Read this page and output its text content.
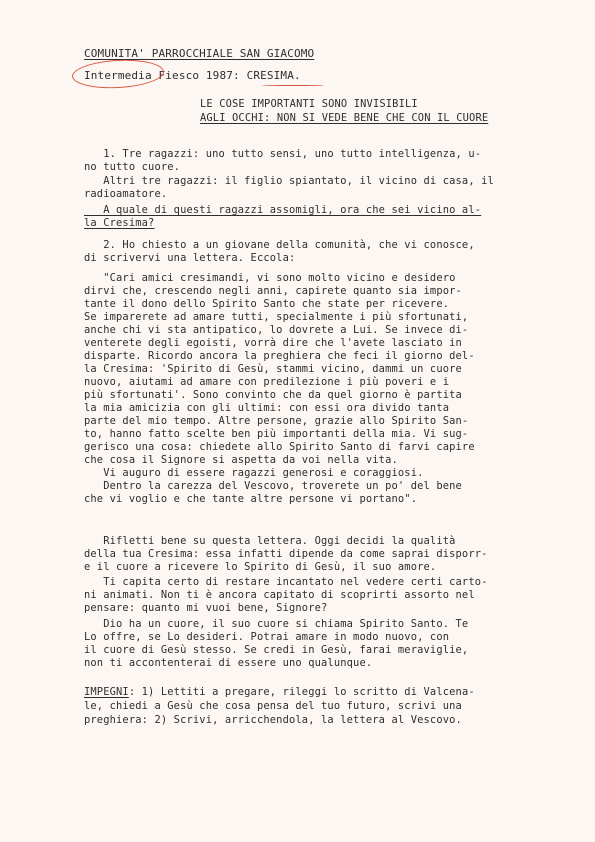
COMUNITA' PARROCCHIALE SAN GIACOMO
Intermedia Fiesco 1987: CRESIMA.
LE COSE IMPORTANTI SONO INVISIBILI
AGLI OCCHI: NON SI VEDE BENE CHE CON IL CUORE
1. Tre ragazzi: uno tutto sensi, uno tutto intelligenza, u-
no tutto cuore.
Altri tre ragazzi: il figlio spiantato, il vicino di casa, il
radioamatore.
A quale di questi ragazzi assomigli, ora che sei vicino al-
la Cresima?
2. Ho chiesto a un giovane della comunità, che vi conosce,
di scrivervi una lettera. Eccola:
"Cari amici cresimandi, vi sono molto vicino e desidero
dirvi che, crescendo negli anni, capirete quanto sia impor-
tante il dono dello Spirito Santo che state per ricevere.
Se imparerete ad amare tutti, specialmente i più sfortunati,
anche chi vi sta antipatico, lo dovrete a Lui. Se invece di-
venterete degli egoisti, vorrà dire che l'avete lasciato in
disparte. Ricordo ancora la preghiera che feci il giorno del-
la Cresima: 'Spirito di Gesù, stammi vicino, dammi un cuore
nuovo, aiutami ad amare con predilezione i più poveri e i
più sfortunati'. Sono convinto che da quel giorno è partita
la mia amicizia con gli ultimi: con essi ora divido tanta
parte del mio tempo. Altre persone, grazie allo Spirito San-
to, hanno fatto scelte ben più importanti della mia. Vi sug-
gerisco una cosa: chiedete allo Spirito Santo di farvi capire
che cosa il Signore si aspetta da voi nella vita.
Vi auguro di essere ragazzi generosi e coraggiosi.
Dentro la carezza del Vescovo, troverete un po' del bene
che vi voglio e che tante altre persone vi portano".
Rifletti bene su questa lettera. Oggi decidi la qualità
della tua Cresima: essa infatti dipende da come saprai disporr-
e il cuore a ricevere lo Spirito di Gesù, il suo amore.
Ti capita certo di restare incantato nel vedere certi carto-
ni animati. Non ti è ancora capitato di scoprirti assorto nel
pensare: quanto mi vuoi bene, Signore?
Dio ha un cuore, il suo cuore si chiama Spirito Santo. Te
Lo offre, se Lo desideri. Potrai amare in modo nuovo, con
il cuore di Gesù stesso. Se credi in Gesù, farai meraviglie,
non ti accontenterai di essere uno qualunque.
IMPEGNI: 1) Lettiti a pregare, rileggi lo scritto di Valcena-
le, chiedi a Gesù che cosa pensa del tuo futuro, scrivi una
preghiera: 2) Scrivi, arricchendola, la lettera al Vescovo.
